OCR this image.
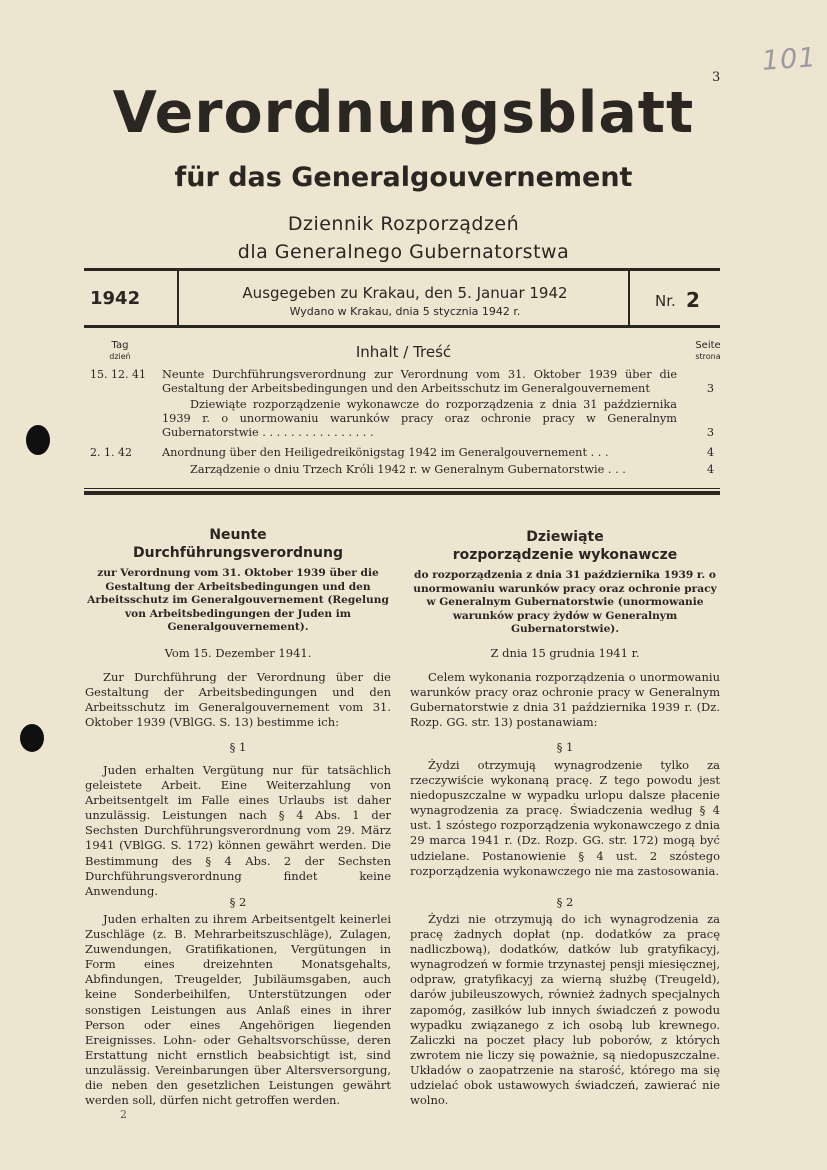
101
3
Verordnungsblatt
für das Generalgouvernement
Dziennik Rozporządzeń
dla Generalnego Gubernatorstwa
1942	Ausgegeben zu Krakau, den 5. Januar 1942
Wydano w Krakau, dnia 5 stycznia 1942 r.
Nr. 2
Tag
dzień	Inhalt / Treść	Seite
strona
15. 12. 41	Neunte Durchführungsverordnung zur Verordnung vom 31. Oktober 1939 über die Gestaltung der Arbeitsbedingungen und den Arbeitsschutz im Generalgouvernement	3
Dziewiąte rozporządzenie wykonawcze do rozporządzenia z dnia 31 października 1939 r. o unormowaniu warunków pracy oraz ochronie pracy w Generalnym Gubernatorstwie . . . . . . . . . . . . . . . .	3
2. 1. 42	Anordnung über den Heiligedreikönigstag 1942 im Generalgouvernement . . .	4
Zarządzenie o dniu Trzech Króli 1942 r. w Generalnym Gubernatorstwie . . .	4
Neunte
Durchführungsverordnung
zur Verordnung vom 31. Oktober 1939 über die Gestaltung der Arbeitsbedingungen und den Arbeitsschutz im Generalgouvernement (Regelung von Arbeitsbedingungen der Juden im Generalgouvernement).
Vom 15. Dezember 1941.
Zur Durchführung der Verordnung über die Gestaltung der Arbeitsbedingungen und den Arbeitsschutz im Generalgouvernement vom 31. Oktober 1939 (VBlGG. S. 13) bestimme ich:
§ 1
Juden erhalten Vergütung nur für tatsächlich geleistete Arbeit. Eine Weiterzahlung von Arbeitsentgelt im Falle eines Urlaubs ist daher unzulässig. Leistungen nach § 4 Abs. 1 der Sechsten Durchführungsverordnung vom 29. März 1941 (VBlGG. S. 172) können gewährt werden. Die Bestimmung des § 4 Abs. 2 der Sechsten Durchführungsverordnung findet keine Anwendung.
§ 2
Juden erhalten zu ihrem Arbeitsentgelt keinerlei Zuschläge (z. B. Mehrarbeitszuschläge), Zulagen, Zuwendungen, Gratifikationen, Vergütungen in Form eines dreizehnten Monatsgehalts, Abfindungen, Treugelder, Jubiläumsgaben, auch keine Sonderbeihilfen, Unterstützungen oder sonstigen Leistungen aus Anlaß eines in ihrer Person oder eines Angehörigen liegenden Ereignisses. Lohn- oder Gehaltsvorschüsse, deren Erstattung nicht ernstlich beabsichtigt ist, sind unzulässig. Vereinbarungen über Altersversorgung, die neben den gesetzlichen Leistungen gewährt werden soll, dürfen nicht getroffen werden.
Dziewiąte
rozporządzenie wykonawcze
do rozporządzenia z dnia 31 października 1939 r. o unormowaniu warunków pracy oraz ochronie pracy w Generalnym Gubernatorstwie (unormowanie warunków pracy żydów w Generalnym Gubernatorstwie).
Z dnia 15 grudnia 1941 r.
Celem wykonania rozporządzenia o unormowaniu warunków pracy oraz ochronie pracy w Generalnym Gubernatorstwie z dnia 31 października 1939 r. (Dz. Rozp. GG. str. 13) postanawiam:
§ 1
Żydzi otrzymują wynagrodzenie tylko za rzeczywiście wykonaną pracę. Z tego powodu jest niedopuszczalne w wypadku urlopu dalsze płacenie wynagrodzenia za pracę. Świadczenia według § 4 ust. 1 szóstego rozporządzenia wykonawczego z dnia 29 marca 1941 r. (Dz. Rozp. GG. str. 172) mogą być udzielane. Postanowienie § 4 ust. 2 szóstego rozporządzenia wykonawczego nie ma zastosowania.
§ 2
Żydzi nie otrzymują do ich wynagrodzenia za pracę żadnych dopłat (np. dodatków za pracę nadliczbową), dodatków, datków lub gratyfikacyj, wynagrodzeń w formie trzynastej pensji miesięcznej, odpraw, gratyfikacyj za wierną służbę (Treugeld), darów jubileuszowych, również żadnych specjalnych zapomóg, zasiłków lub innych świadczeń z powodu wypadku związanego z ich osobą lub krewnego. Zaliczki na poczet płacy lub poborów, z których zwrotem nie liczy się poważnie, są niedopuszczalne. Układów o zaopatrzenie na starość, którego ma się udzielać obok ustawowych świadczeń, zawierać nie wolno.
2
